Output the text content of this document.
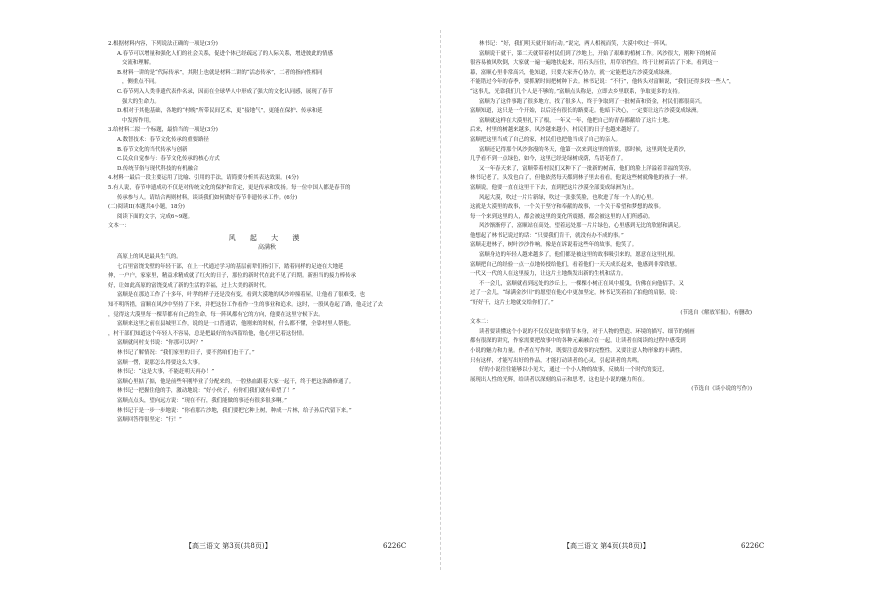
2.根据材料内容，下列说法正确的一项是(3分)
A.春节可以增量和强化人们的社会关系，促进个体已经疏远了的人际关系，增进彼此的情感
交流和理解。
B.材料一讲的是“代际传承”，其附上也就是材料二讲的“活态传承”，二者的指向性相同
，侧重点不同。
C.春节列入人类非遗代表作名录，因而在全球华人中形成了强大的文化认同感，展现了春节
强大的生命力。
D.相对于其他基础，各地的“村晚”所带民间艺术，更“接地气”，更能在保护、传承和延
中发挥作用。
3.给材料二拟一个标题，最恰当的一项是(3分)
A.数智技术：春节文化传承的重要路径
B.春节文化的当代传承与创新
C.民众自觉参与：春节文化传承的核心方式
D.传统节俗与现代科技的有机融合
4.材料一最后一段主要运用了比喻、引用的手法，请简要分析其表达效果。(4分)
5.有人说，春节申遗成功不仅是对传统文化的保护和肯定，更是传承和发扬。每一位中国人都是春节的
传承参与人。请结合两则材料，谈谈我们如何做好春节非遗传承工作。(6分)
(二)阅读II(本题共4小题，18分)
阅读下面的文字，完成6~9题。
文本一：
风 起 大 漠
高满秋
高原上的风是最具生气的。
七百里富饶戈壁的年轻干部，在上一代通过学习的基层前辈们指引下，踏着同样的足迹在大地延
伸，一户户，家家里，精益求精成就了红火的日子，那位的新时代在此不见了归期。新担当的接力棒传承
好，让如此高原的富饶变成了新的生活的幸福，过上大美的新时代。
富顺是在那边工作了十多年，叶孝的样子还是没有变，看到大漠地的风沙冲撞着屋，让他看了很难受，也
知不明所措，富顺在风沙中坚持了下来，并把这份工作看作一生的事业和追求。这时，一股风卷起了路，他走过了去
，觉得这大漠里每一棵草都有自己的生命，每一阵风都有它的方向，他要在这里守候下去。
富顺来这里之前在县城里工作，说的是一口普通话，他刚来的时候，什么都不懂，全靠村里人帮他。
，村干部们知道这个年轻人不容易，总是把最好的东西留给他，他心里记着这份情。
富顺就问村支书说：“你那可以吗？”
林书记了解情况：“我们家里的日子，要不然咱们也干了。”
富顺一愣，说那怎么得要这么大事。
林书记：“这是大事，不能赶明天再办！”
富顺心里掂了掂，他是前些年刚毕业了分配来的，一腔热血跟着大家一起干，终于把这条路修通了。
林书记一把握住他的手，激动地说：“好小伙子，有你们我们就有希望了！”
富顺点点头，望向远方说：“现在不行，我们能做的事还有很多很多啊。”
林书记于是一步一步地说：“你看那片沙地，我们要把它种上树，种成一片林，给子孙后代留下来。”
富顺回答得很坚定：“行！”
林书记：“好，我们明天就开始行动。”说完，两人相视而笑，大漠中吹过一阵风。
富顺说干就干，第二天就带着村民们到了沙地上，开始了艰难的植树工作。风沙很大，刚种下的树苗
很容易被风吹倒，大家就一遍一遍地扶起来，用石头压住，用草帘挡住，终于让树苗活了下来。看到这一
幕，富顺心里非常高兴，他知道，只要大家齐心协力，就一定能把这片沙漠变成绿洲。
不能错过今年的春季，要抓紧时间把树种下去。林书记说：“不行”，他转头对富顺说，“我们还得多找一些人”，
“这事儿，光靠我们几个人是不够的。”富顺点头称是，立即去乡里联系，争取更多的支持。
富顺为了这件事跑了很多地方，找了很多人，终于争取到了一批树苗和资金，村民们都很高兴。
富顺知道，这只是一个开始，以后还有很长的路要走。他暗下决心，一定要让这片沙漠变成绿洲。
富顺就这样在大漠里扎下了根，一年又一年，他把自己的青春都献给了这片土地。
后来，村里的树越来越多，风沙越来越小，村民们的日子也越来越好了。
富顺把这里当成了自己的家，村民们也把他当成了自己的亲人。
富顺还记得那个风沙弥漫的冬天，他第一次来到这里的情景，那时候，这里到处是黄沙，
几乎看不到一点绿色，如今，这里已经是绿树成荫，鸟语花香了。
又一年春天来了，富顺带着村民们又种下了一批新的树苗，他们的脸上洋溢着幸福的笑容。
林书记老了，头发也白了，但他依然每天都到林子里去看看，他说这些树就像他的孩子一样。
富顺说，他要一直在这里干下去，直到把这片沙漠全部变成绿洲为止。
风起大漠，吹过一片片新绿，吹过一张张笑脸，也吹进了每一个人的心里。
这就是大漠里的故事，一个关于坚守和奉献的故事，一个关于希望和梦想的故事。
每一个来到这里的人，都会被这里的变化所震撼，都会被这里的人们所感动。
风沙渐渐停了，富顺站在高处，望着远处那一片片绿色，心里感到无比的欣慰和满足。
他想起了林书记说过的话：“只要我们肯干，就没有办不成的事。”
富顺走进林子，树叶沙沙作响，像是在诉说着这些年的故事，他笑了。
富顺身边的年轻人越来越多了，他们都是被这里的故事吸引来的，愿意在这里扎根。
富顺把自己的经验一点一点地传授给他们，看着他们一天天成长起来，他感到非常欣慰。
一代又一代的人在这里接力，让这片土地焕发出新的生机和活力。
不一会儿，富顺就看到远处的沙丘上，一棵棵小树正在风中摇曳，仿佛在向他招手。又
过了一会儿，“绿满金沙川”的愿望在他心中更加坚定，林书记笑着拍了拍他的肩膀，说：
“好好干，这片土地就交给你们了。”
(节选自《解放军报》，有删改)
文本二：
读者要读懂这个小说的不仅仅是故事情节本身，对于人物的塑造、环境的描写、细节的刻画
都有很深的讲究，作家需要把故事中的各种元素融合在一起，让读者在阅读的过程中感受到
小说的魅力和力量。作者在写作时，既要注意故事的完整性，又要注意人物形象的丰满性，
只有这样，才能写出好的作品，才能打动读者的心灵，引起读者的共鸣。
好的小说往往能够以小见大，通过一个小人物的故事，反映出一个时代的变迁，
展现出人性的光辉，给读者以深刻的启示和思考，这也是小说的魅力所在。
(节选自《谈小说的写作》)
【高三语文 第3页(共8页)】	6226C	【高三语文 第4页(共8页)】	6226C
